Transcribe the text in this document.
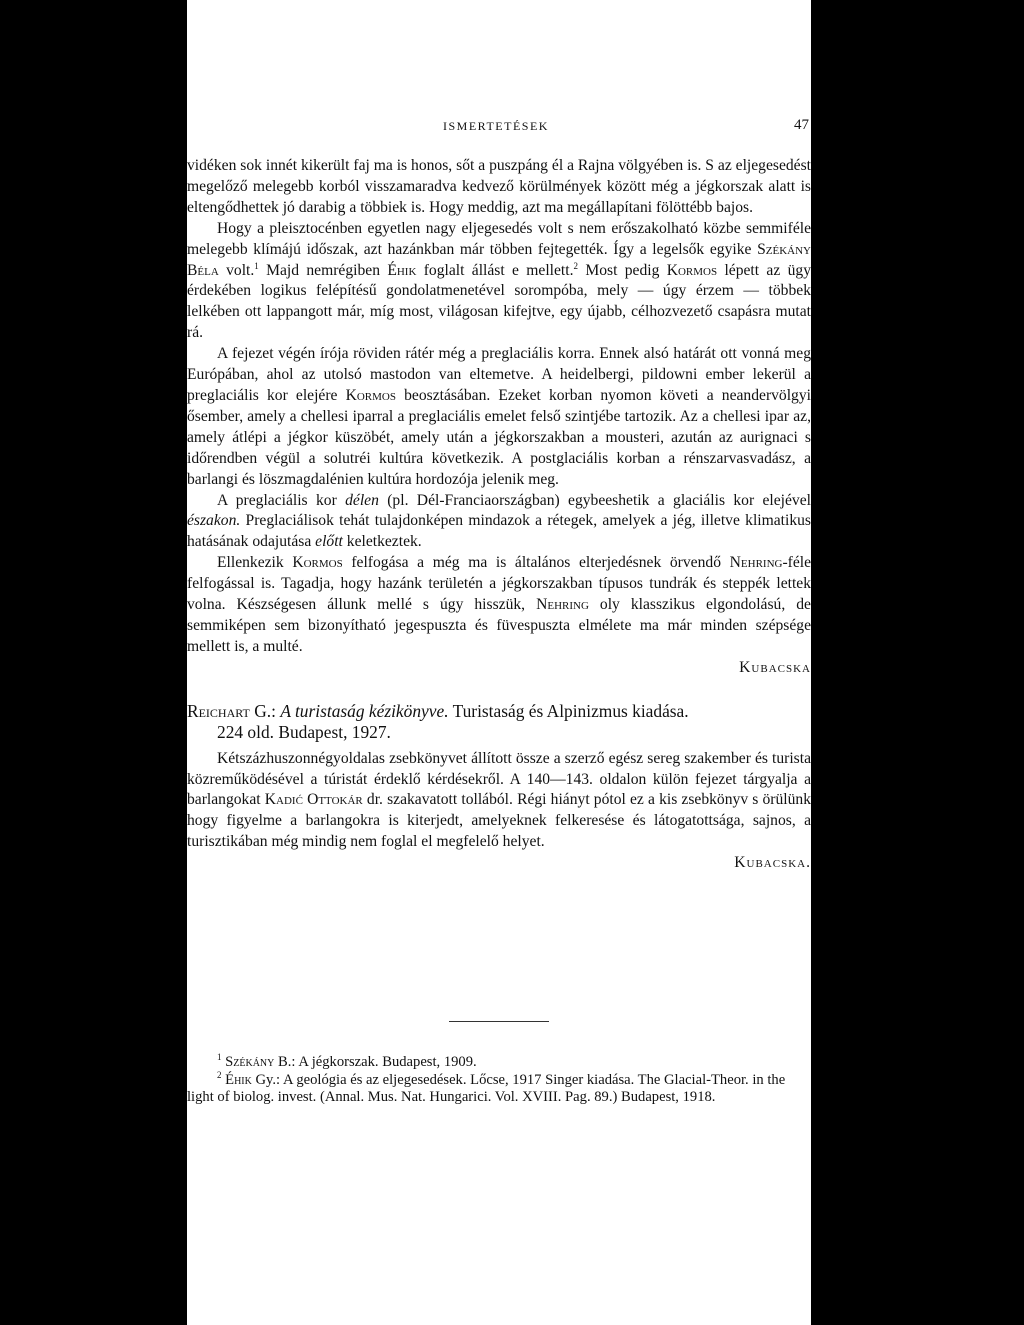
ISMERTETÉSEK	47

vidéken sok innét kikerült faj ma is honos, sőt a puszpáng él a Rajna völgyében is. S az eljegesedést megelőző melegebb korból visszamaradva kedvező körülmények között még a jégkorszak alatt is eltengődhettek jó darabig a többiek is. Hogy meddig, azt ma megállapítani fölöttébb bajos.

Hogy a pleisztocénben egyetlen nagy eljegesedés volt s nem erőszakolható közbe semmiféle melegebb klímájú időszak, azt hazánkban már többen fejtegették. Így a legelsők egyike Székány Béla volt.$^1$ Majd nemrégiben Éhik foglalt állást e mellett.$^2$ Most pedig Kormos lépett az ügy érdekében logikus felépítésű gondolatmenetével sorompóba, mely — úgy érzem — többek lelkében ott lappangott már, míg most, világosan kifejtve, egy újabb, célhozvezető csapásra mutat rá.

A fejezet végén írója röviden rátér még a preglaciális korra. Ennek alsó határát ott vonná meg Európában, ahol az utolsó mastodon van eltemetve. A heidelbergi, pildowni ember lekerül a preglaciális kor elejére Kormos beosztásában. Ezeket korban nyomon követi a neandervölgyi ősember, amely a chellesi iparral a preglaciális emelet felső szintjébe tartozik. Az a chellesi ipar az, amely átlépi a jégkor küszöbét, amely után a jégkorszakban a mousteri, azután az aurignaci s időrendben végül a solutréi kultúra következik. A postglaciális korban a rénszarvasvadász, a barlangi és löszmagdalénien kultúra hordozója jelenik meg.

A preglaciális kor délen (pl. Dél-Franciaországban) egybeeshetik a glaciális kor elejével északon. Preglaciálisok tehát tulajdonképen mindazok a rétegek, amelyek a jég, illetve klimatikus hatásának odajutása előtt keletkeztek.

Ellenkezik Kormos felfogása a még ma is általános elterjedésnek örvendő Nehring-féle felfogással is. Tagadja, hogy hazánk területén a jégkorszakban típusos tundrák és steppék lettek volna. Készségesen állunk mellé s úgy hisszük, Nehring oly klasszikus elgondolású, de semmiképen sem bizonyítható jegespuszta és füvespuszta elmélete ma már minden szépsége mellett is, a multé.

Kubacska

Reichart G.: A turistaság kézikönyve. Turistaság és Alpinizmus kiadása.
224 old. Budapest, 1927.

Kétszázhuszonnégyoldalas zsebkönyvet állított össze a szerző egész sereg szakember és turista közreműködésével a túristát érdeklő kérdésekről. A 140—143. oldalon külön fejezet tárgyalja a barlangokat Kadić Ottokár dr. szakavatott tollából. Régi hiányt pótol ez a kis zsebkönyv s örülünk hogy figyelme a barlangokra is kiterjedt, amelyeknek felkeresése és látogatottsága, sajnos, a turisztikában még mindig nem foglal el megfelelő helyet.

Kubacska.

$^1$ Székány B.: A jégkorszak. Budapest, 1909.

$^2$ Éhik Gy.: A geológia és az eljegesedések. Lőcse, 1917 Singer kiadása. The Glacial-Theor. in the light of biolog. invest. (Annal. Mus. Nat. Hungarici. Vol. XVIII. Pag. 89.) Budapest, 1918.
